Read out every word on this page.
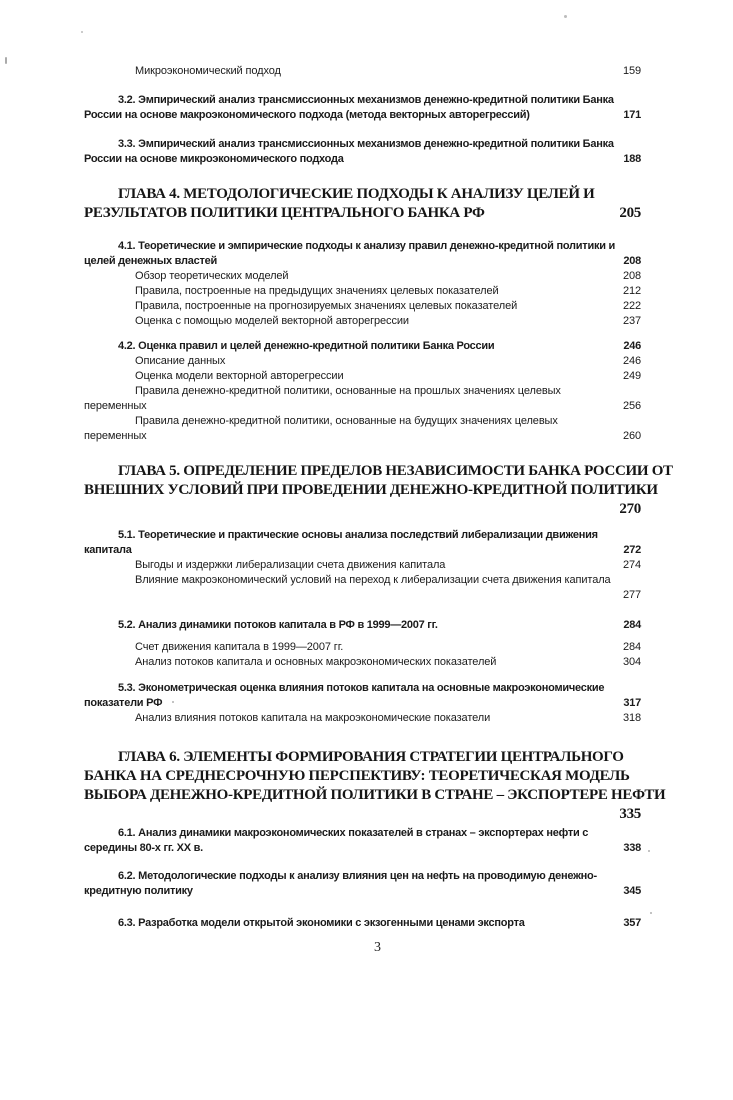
Микроэкономический подход	159
3.2. Эмпирический анализ трансмиссионных механизмов денежно-кредитной политики Банка
России на основе макроэкономического подхода (метода векторных авторегрессий)	171
3.3. Эмпирический анализ трансмиссионных механизмов денежно-кредитной политики Банка
России на основе микроэкономического подхода	188
ГЛАВА 4. МЕТОДОЛОГИЧЕСКИЕ ПОДХОДЫ К АНАЛИЗУ ЦЕЛЕЙ И
РЕЗУЛЬТАТОВ ПОЛИТИКИ ЦЕНТРАЛЬНОГО БАНКА РФ	205
4.1. Теоретические и эмпирические подходы к анализу правил денежно-кредитной политики и
целей денежных властей	208
Обзор теоретических моделей	208
Правила, построенные на предыдущих значениях целевых показателей	212
Правила, построенные на прогнозируемых значениях целевых показателей	222
Оценка с помощью моделей векторной авторегрессии	237
4.2. Оценка правил и целей денежно-кредитной политики Банка России	246
Описание данных	246
Оценка модели векторной авторегрессии	249
Правила денежно-кредитной политики, основанные на прошлых значениях целевых
переменных	256
Правила денежно-кредитной политики, основанные на будущих значениях целевых
переменных	260
ГЛАВА 5. ОПРЕДЕЛЕНИЕ ПРЕДЕЛОВ НЕЗАВИСИМОСТИ БАНКА РОССИИ ОТ
ВНЕШНИХ УСЛОВИЙ ПРИ ПРОВЕДЕНИИ ДЕНЕЖНО-КРЕДИТНОЙ ПОЛИТИКИ
270
5.1. Теоретические и практические основы анализа последствий либерализации движения
капитала	272
Выгоды и издержки либерализации счета движения капитала	274
Влияние макроэкономический условий на переход к либерализации счета движения капитала
277
5.2. Анализ динамики потоков капитала в РФ в 1999—2007 гг.	284
Счет движения капитала в 1999—2007 гг.	284
Анализ потоков капитала и основных макроэкономических показателей	304
5.3. Эконометрическая оценка влияния потоков капитала на основные макроэкономические
показатели РФ	317
Анализ влияния потоков капитала на макроэкономические показатели	318
ГЛАВА 6. ЭЛЕМЕНТЫ ФОРМИРОВАНИЯ СТРАТЕГИИ ЦЕНТРАЛЬНОГО
БАНКА НА СРЕДНЕСРОЧНУЮ ПЕРСПЕКТИВУ: ТЕОРЕТИЧЕСКАЯ МОДЕЛЬ
ВЫБОРА ДЕНЕЖНО-КРЕДИТНОЙ ПОЛИТИКИ В СТРАНЕ – ЭКСПОРТЕРЕ НЕФТИ
335
6.1. Анализ динамики макроэкономических показателей в странах – экспортерах нефти с
середины 80-х гг. ХХ в.	338
6.2. Методологические подходы к анализу влияния цен на нефть на проводимую денежно-
кредитную политику	345
6.3. Разработка модели открытой экономики с экзогенными ценами экспорта	357
3
